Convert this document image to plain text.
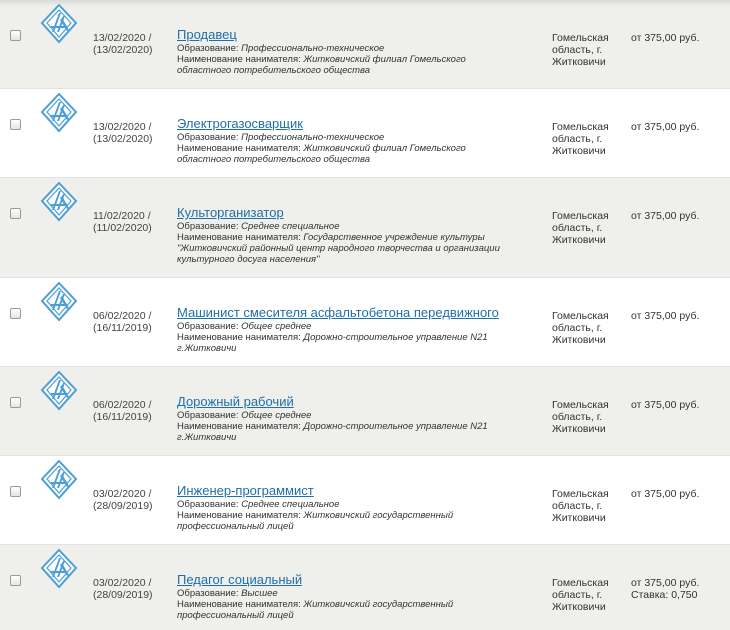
13/02/2020 /
(13/02/2020)
Продавец
Образование: Профессионально-техническое
Наименование нанимателя: Житковичский филиал Гомельского
областного потребительского общества
Гомельская
область, г.
Житковичи
от 375,00 руб.
13/02/2020 /
(13/02/2020)
Электрогазосварщик
Образование: Профессионально-техническое
Наименование нанимателя: Житковичский филиал Гомельского
областного потребительского общества
Гомельская
область, г.
Житковичи
от 375,00 руб.
11/02/2020 /
(11/02/2020)
Культорганизатор
Образование: Среднее специальное
Наименование нанимателя: Государственное учреждение культуры
"Житковичский районный центр народного творчества и организации
культурного досуга населения"
Гомельская
область, г.
Житковичи
от 375,00 руб.
06/02/2020 /
(16/11/2019)
Машинист смесителя асфальтобетона передвижного
Образование: Общее среднее
Наименование нанимателя: Дорожно-строительное управление N21
г.Житковичи
Гомельская
область, г.
Житковичи
от 375,00 руб.
06/02/2020 /
(16/11/2019)
Дорожный рабочий
Образование: Общее среднее
Наименование нанимателя: Дорожно-строительное управление N21
г.Житковичи
Гомельская
область, г.
Житковичи
от 375,00 руб.
03/02/2020 /
(28/09/2019)
Инженер-программист
Образование: Среднее специальное
Наименование нанимателя: Житковичский государственный
профессиональный лицей
Гомельская
область, г.
Житковичи
от 375,00 руб.
03/02/2020 /
(28/09/2019)
Педагог социальный
Образование: Высшее
Наименование нанимателя: Житковичский государственный
профессиональный лицей
Гомельская
область, г.
Житковичи
от 375,00 руб.
Ставка: 0,750
